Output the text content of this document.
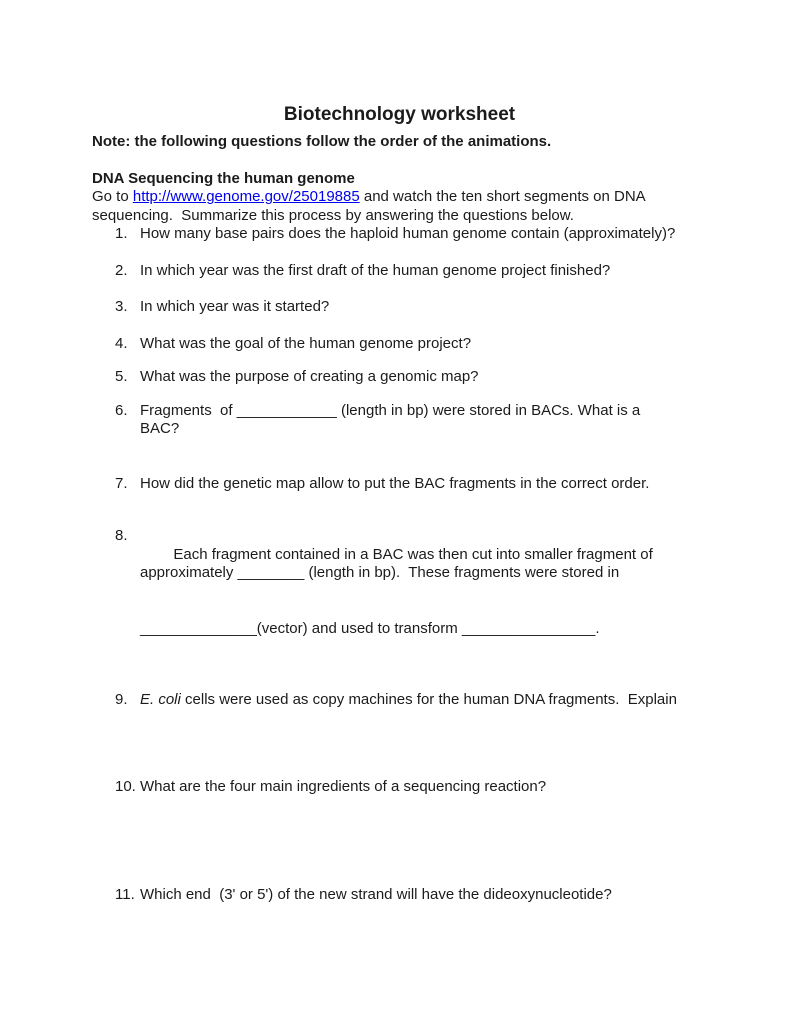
Biotechnology worksheet

Note: the following questions follow the order of the animations.

DNA Sequencing the human genome
Go to http://www.genome.gov/25019885 and watch the ten short segments on DNA
sequencing.  Summarize this process by answering the questions below.
1. How many base pairs does the haploid human genome contain (approximately)?
2. In which year was the first draft of the human genome project finished?
3. In which year was it started?
4. What was the goal of the human genome project?
5. What was the purpose of creating a genomic map?
6. Fragments  of ____________ (length in bp) were stored in BACs. What is a
BAC?
7. How did the genetic map allow to put the BAC fragments in the correct order.
8.

Each fragment contained in a BAC was then cut into smaller fragment of
approximately ________ (length in bp).  These fragments were stored in

______________(vector) and used to transform ________________.

9. E. coli cells were used as copy machines for the human DNA fragments.  Explain
10. What are the four main ingredients of a sequencing reaction?
11. Which end  (3' or 5') of the new strand will have the dideoxynucleotide?
